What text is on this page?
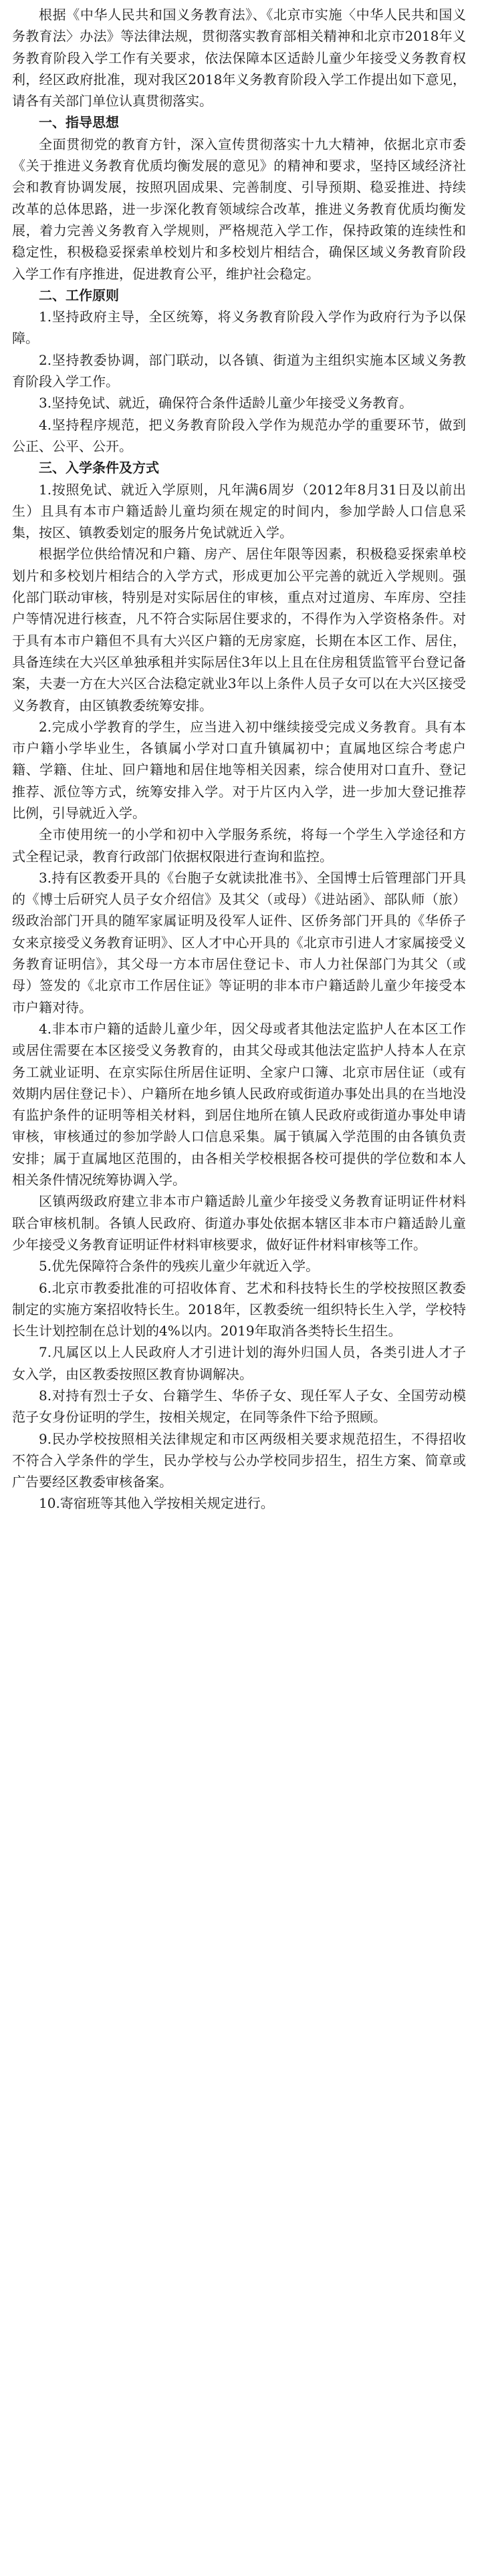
根据《中华人民共和国义务教育法》、《北京市实施〈中华人民共和国义务教育法〉办法》等法律法规，贯彻落实教育部相关精神和北京市2018年义务教育阶段入学工作有关要求，依法保障本区适龄儿童少年接受义务教育权利，经区政府批准，现对我区2018年义务教育阶段入学工作提出如下意见，请各有关部门单位认真贯彻落实。

一、指导思想

全面贯彻党的教育方针，深入宣传贯彻落实十九大精神，依据北京市委《关于推进义务教育优质均衡发展的意见》的精神和要求，坚持区域经济社会和教育协调发展，按照巩固成果、完善制度、引导预期、稳妥推进、持续改革的总体思路，进一步深化教育领域综合改革，推进义务教育优质均衡发展，着力完善义务教育入学规则，严格规范入学工作，保持政策的连续性和稳定性，积极稳妥探索单校划片和多校划片相结合，确保区域义务教育阶段入学工作有序推进，促进教育公平，维护社会稳定。

二、工作原则

1.坚持政府主导，全区统筹，将义务教育阶段入学作为政府行为予以保障。

2.坚持教委协调，部门联动，以各镇、街道为主组织实施本区域义务教育阶段入学工作。

3.坚持免试、就近，确保符合条件适龄儿童少年接受义务教育。

4.坚持程序规范，把义务教育阶段入学作为规范办学的重要环节，做到公正、公平、公开。

三、入学条件及方式

1.按照免试、就近入学原则，凡年满6周岁（2012年8月31日及以前出生）且具有本市户籍适龄儿童均须在规定的时间内，参加学龄人口信息采集，按区、镇教委划定的服务片免试就近入学。

根据学位供给情况和户籍、房产、居住年限等因素，积极稳妥探索单校划片和多校划片相结合的入学方式，形成更加公平完善的就近入学规则。强化部门联动审核，特别是对实际居住的审核，重点对过道房、车库房、空挂户等情况进行核查，凡不符合实际居住要求的，不得作为入学资格条件。对于具有本市户籍但不具有大兴区户籍的无房家庭，长期在本区工作、居住，具备连续在大兴区单独承租并实际居住3年以上且在住房租赁监管平台登记备案，夫妻一方在大兴区合法稳定就业3年以上条件人员子女可以在大兴区接受义务教育，由区镇教委统筹安排。

2.完成小学教育的学生，应当进入初中继续接受完成义务教育。具有本市户籍小学毕业生，各镇属小学对口直升镇属初中；直属地区综合考虑户籍、学籍、住址、回户籍地和居住地等相关因素，综合使用对口直升、登记推荐、派位等方式，统筹安排入学。对于片区内入学，进一步加大登记推荐比例，引导就近入学。

全市使用统一的小学和初中入学服务系统，将每一个学生入学途径和方式全程记录，教育行政部门依据权限进行查询和监控。

3.持有区教委开具的《台胞子女就读批准书》、全国博士后管理部门开具的《博士后研究人员子女介绍信》及其父（或母）《进站函》、部队师（旅）级政治部门开具的随军家属证明及役军人证件、区侨务部门开具的《华侨子女来京接受义务教育证明》、区人才中心开具的《北京市引进人才家属接受义务教育证明信》，其父母一方本市居住登记卡、市人力社保部门为其父（或母）签发的《北京市工作居住证》等证明的非本市户籍适龄儿童少年接受本市户籍对待。

4.非本市户籍的适龄儿童少年，因父母或者其他法定监护人在本区工作或居住需要在本区接受义务教育的，由其父母或其他法定监护人持本人在京务工就业证明、在京实际住所居住证明、全家户口簿、北京市居住证（或有效期内居住登记卡）、户籍所在地乡镇人民政府或街道办事处出具的在当地没有监护条件的证明等相关材料，到居住地所在镇人民政府或街道办事处申请审核，审核通过的参加学龄人口信息采集。属于镇属入学范围的由各镇负责安排；属于直属地区范围的，由各相关学校根据各校可提供的学位数和本人相关条件情况统筹协调入学。

区镇两级政府建立非本市户籍适龄儿童少年接受义务教育证明证件材料联合审核机制。各镇人民政府、街道办事处依据本辖区非本市户籍适龄儿童少年接受义务教育证明证件材料审核要求，做好证件材料审核等工作。

5.优先保障符合条件的残疾儿童少年就近入学。

6.北京市教委批准的可招收体育、艺术和科技特长生的学校按照区教委制定的实施方案招收特长生。2018年，区教委统一组织特长生入学，学校特长生计划控制在总计划的4%以内。2019年取消各类特长生招生。

7.凡属区以上人民政府人才引进计划的海外归国人员，各类引进人才子女入学，由区教委按照区教育协调解决。

8.对持有烈士子女、台籍学生、华侨子女、现任军人子女、全国劳动模范子女身份证明的学生，按相关规定，在同等条件下给予照顾。

9.民办学校按照相关法律规定和市区两级相关要求规范招生，不得招收不符合入学条件的学生，民办学校与公办学校同步招生，招生方案、简章或广告要经区教委审核备案。

10.寄宿班等其他入学按相关规定进行。
